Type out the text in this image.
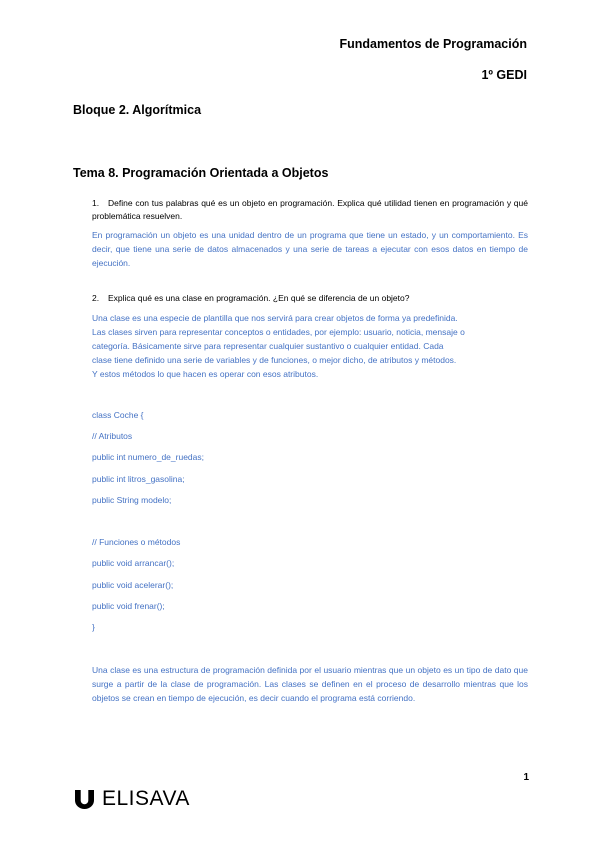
Fundamentos de Programación
1º GEDI
Bloque 2. Algorítmica
Tema 8. Programación Orientada a Objetos
1. Define con tus palabras qué es un objeto en programación. Explica qué utilidad tienen en programación y qué problemática resuelven.
En programación un objeto es una unidad dentro de un programa que tiene un estado, y un comportamiento. Es decir, que tiene una serie de datos almacenados y una serie de tareas a ejecutar con esos datos en tiempo de ejecución.
2. Explica qué es una clase en programación. ¿En qué se diferencia de un objeto?
Una clase es una especie de plantilla que nos servirá para crear objetos de forma ya predefinida.
Las clases sirven para representar conceptos o entidades, por ejemplo: usuario, noticia, mensaje o
categoría. Básicamente sirve para representar cualquier sustantivo o cualquier entidad. Cada
clase tiene definido una serie de variables y de funciones, o mejor dicho, de atributos y métodos.
Y estos métodos lo que hacen es operar con esos atributos.
class Coche {
// Atributos
public int numero_de_ruedas;
public int litros_gasolina;
public String modelo;
// Funciones o métodos
public void arrancar();
public void acelerar();
public void frenar();
}
Una clase es una estructura de programación definida por el usuario mientras que un objeto es un tipo de dato que surge a partir de la clase de programación. Las clases se definen en el proceso de desarrollo mientras que los objetos se crean en tiempo de ejecución, es decir cuando el programa está corriendo.
1
ELISAVA
